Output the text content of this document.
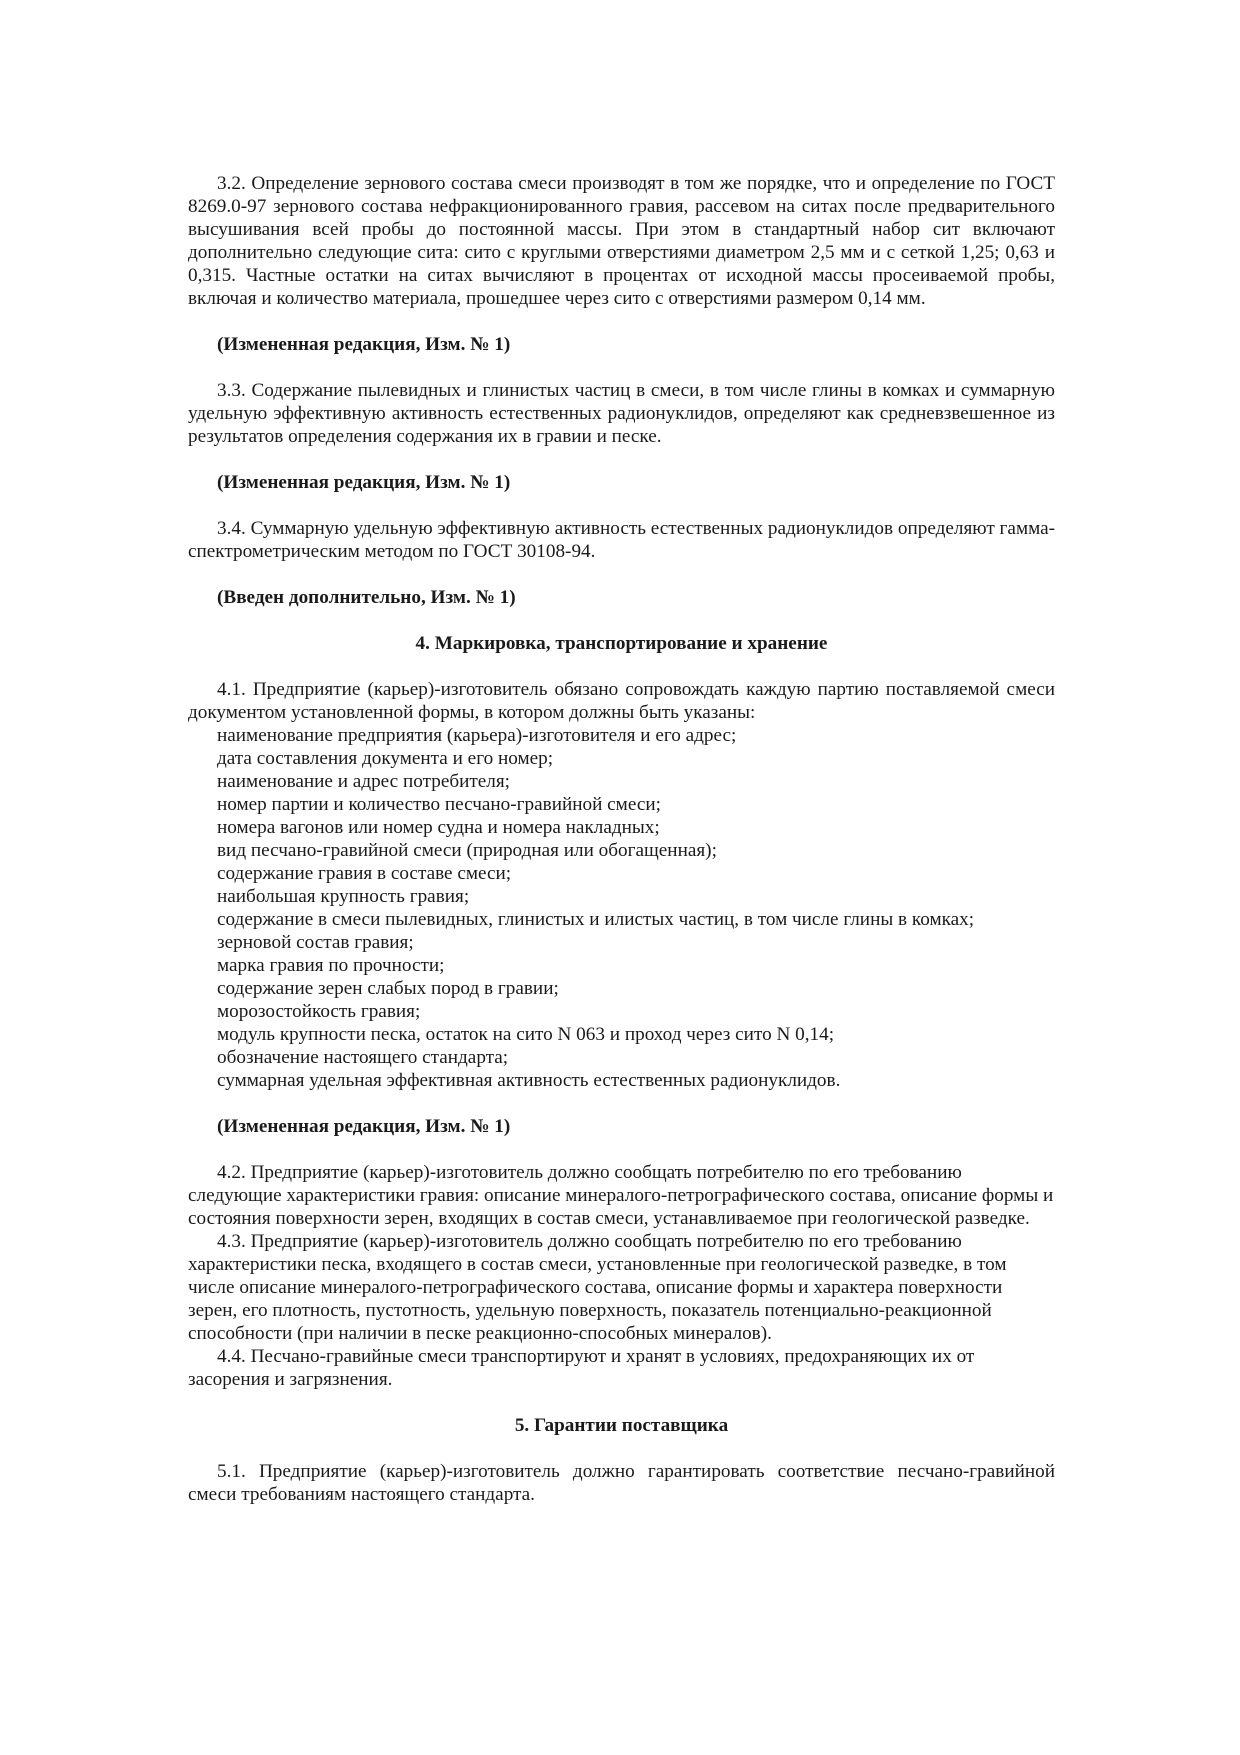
3.2. Определение зернового состава смеси производят в том же порядке, что и определение по ГОСТ 8269.0-97 зернового состава нефракционированного гравия, рассевом на ситах после предварительного высушивания всей пробы до постоянной массы. При этом в стандартный набор сит включают дополнительно следующие сита: сито с круглыми отверстиями диаметром 2,5 мм и с сеткой 1,25; 0,63 и 0,315. Частные остатки на ситах вычисляют в процентах от исходной массы просеиваемой пробы, включая и количество материала, прошедшее через сито с отверстиями размером 0,14 мм.

(Измененная редакция, Изм. № 1)

3.3. Содержание пылевидных и глинистых частиц в смеси, в том числе глины в комках и суммарную удельную эффективную активность естественных радионуклидов, определяют как средневзвешенное из результатов определения содержания их в гравии и песке.

(Измененная редакция, Изм. № 1)

3.4. Суммарную удельную эффективную активность естественных радионуклидов определяют гамма-спектрометрическим методом по ГОСТ 30108-94.

(Введен дополнительно, Изм. № 1)

4. Маркировка, транспортирование и хранение

4.1. Предприятие (карьер)-изготовитель обязано сопровождать каждую партию поставляемой смеси документом установленной формы, в котором должны быть указаны:

наименование предприятия (карьера)-изготовителя и его адрес;
дата составления документа и его номер;
наименование и адрес потребителя;
номер партии и количество песчано-гравийной смеси;
номера вагонов или номер судна и номера накладных;
вид песчано-гравийной смеси (природная или обогащенная);
содержание гравия в составе смеси;
наибольшая крупность гравия;
содержание в смеси пылевидных, глинистых и илистых частиц, в том числе глины в комках;
зерновой состав гравия;
марка гравия по прочности;
содержание зерен слабых пород в гравии;
морозостойкость гравия;
модуль крупности песка, остаток на сито N 063 и проход через сито N 0,14;
обозначение настоящего стандарта;
суммарная удельная эффективная активность естественных радионуклидов.

(Измененная редакция, Изм. № 1)

4.2. Предприятие (карьер)-изготовитель должно сообщать потребителю по его требованию следующие характеристики гравия: описание минералого-петрографического состава, описание формы и состояния поверхности зерен, входящих в состав смеси, устанавливаемое при геологической разведке.

4.3. Предприятие (карьер)-изготовитель должно сообщать потребителю по его требованию характеристики песка, входящего в состав смеси, установленные при геологической разведке, в том числе описание минералого-петрографического состава, описание формы и характера поверхности зерен, его плотность, пустотность, удельную поверхность, показатель потенциально-реакционной способности (при наличии в песке реакционно-способных минералов).

4.4. Песчано-гравийные смеси транспортируют и хранят в условиях, предохраняющих их от засорения и загрязнения.

5. Гарантии поставщика

5.1. Предприятие (карьер)-изготовитель должно гарантировать соответствие песчано-гравийной смеси требованиям настоящего стандарта.
